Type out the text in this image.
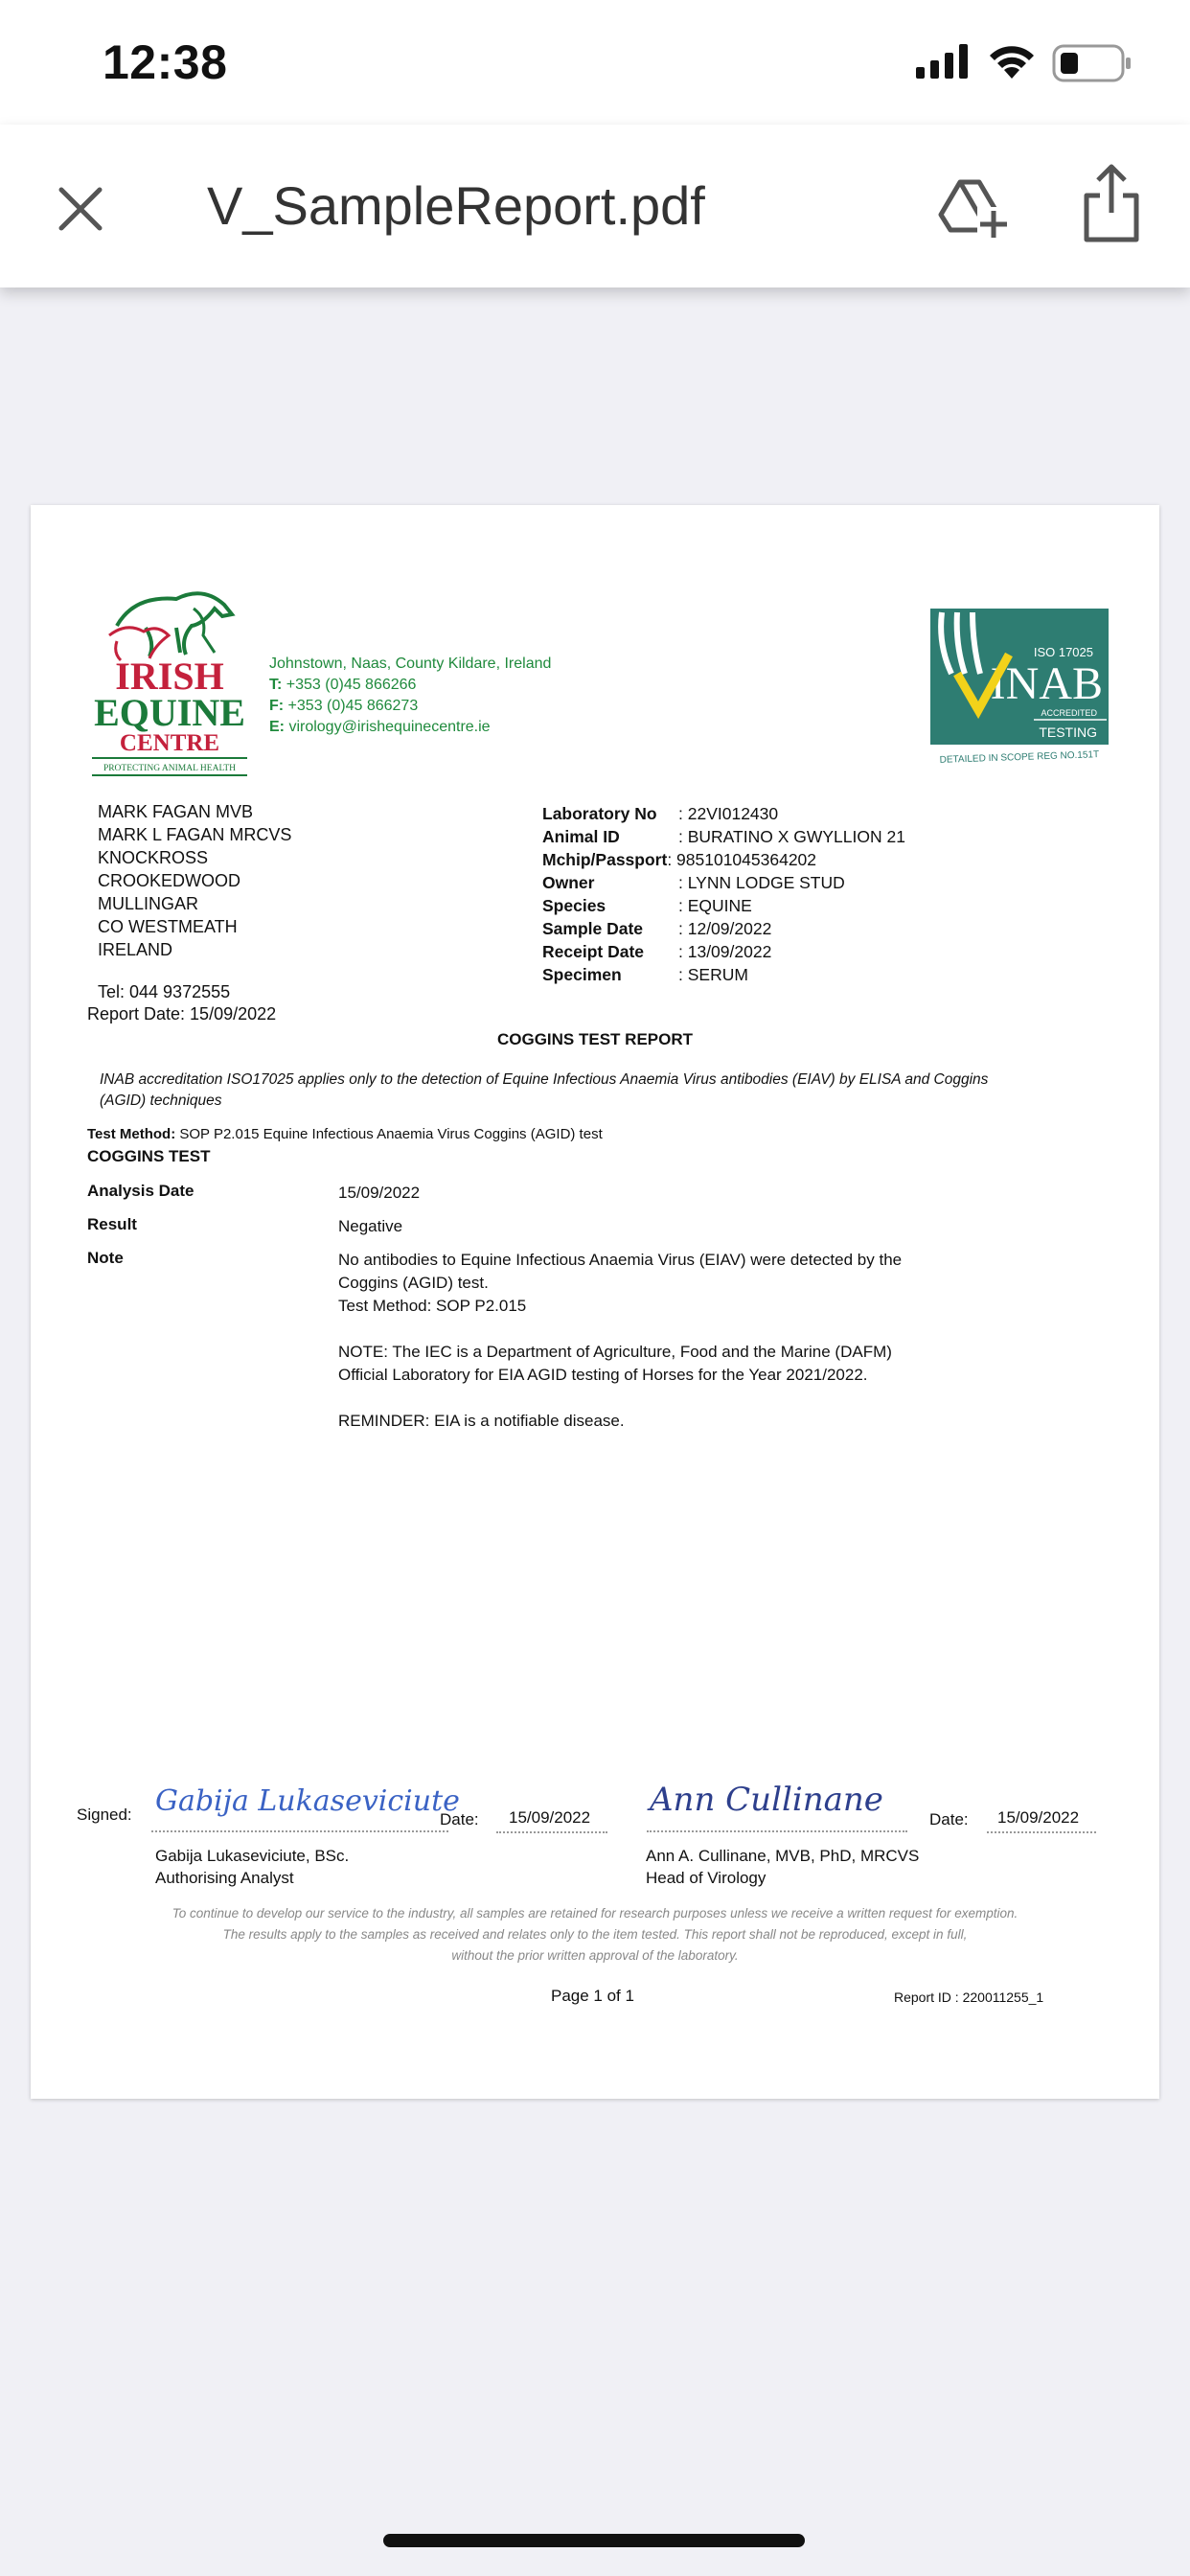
12:38
V_SampleReport.pdf
IRISH
EQUINE
CENTRE
PROTECTING ANIMAL HEALTH
Johnstown, Naas, County Kildare, Ireland
T: +353 (0)45 866266
F: +353 (0)45 866273
E: virology@irishequinecentre.ie
ISO 17025
INAB
ACCREDITED
TESTING
DETAILED IN SCOPE REG NO.151T
MARK FAGAN MVB
MARK L FAGAN MRCVS
KNOCKROSS
CROOKEDWOOD
MULLINGAR
CO WESTMEATH
IRELAND
Tel: 044 9372555
Report Date: 15/09/2022
Laboratory No : 22VI012430
Animal ID	: BURATINO X GWYLLION 21
Mchip/Passport: 985101045364202
Owner	: LYNN LODGE STUD
Species	: EQUINE
Sample Date : 12/09/2022
Receipt Date : 13/09/2022
Specimen	: SERUM
COGGINS TEST REPORT
INAB accreditation ISO17025 applies only to the detection of Equine Infectious Anaemia Virus antibodies (EIAV) by ELISA and Coggins (AGID) techniques
Test Method: SOP P2.015 Equine Infectious Anaemia Virus Coggins (AGID) test
COGGINS TEST
Analysis Date	15/09/2022
Result	Negative
Note	No antibodies to Equine Infectious Anaemia Virus (EIAV) were detected by the Coggins (AGID) test.
Test Method: SOP P2.015
NOTE: The IEC is a Department of Agriculture, Food and the Marine (DAFM) Official Laboratory for EIA AGID testing of Horses for the Year 2021/2022.
REMINDER: EIA is a notifiable disease.
Signed: Gabija Lukaseviciute
Date: 15/09/2022
Gabija Lukaseviciute, BSc.
Authorising Analyst
Ann Cullinane
Date: 15/09/2022
Ann A. Cullinane, MVB, PhD, MRCVS
Head of Virology
To continue to develop our service to the industry, all samples are retained for research purposes unless we receive a written request for exemption.
The results apply to the samples as received and relates only to the item tested. This report shall not be reproduced, except in full, without the prior written approval of the laboratory.
Page 1 of 1	Report ID : 220011255_1
